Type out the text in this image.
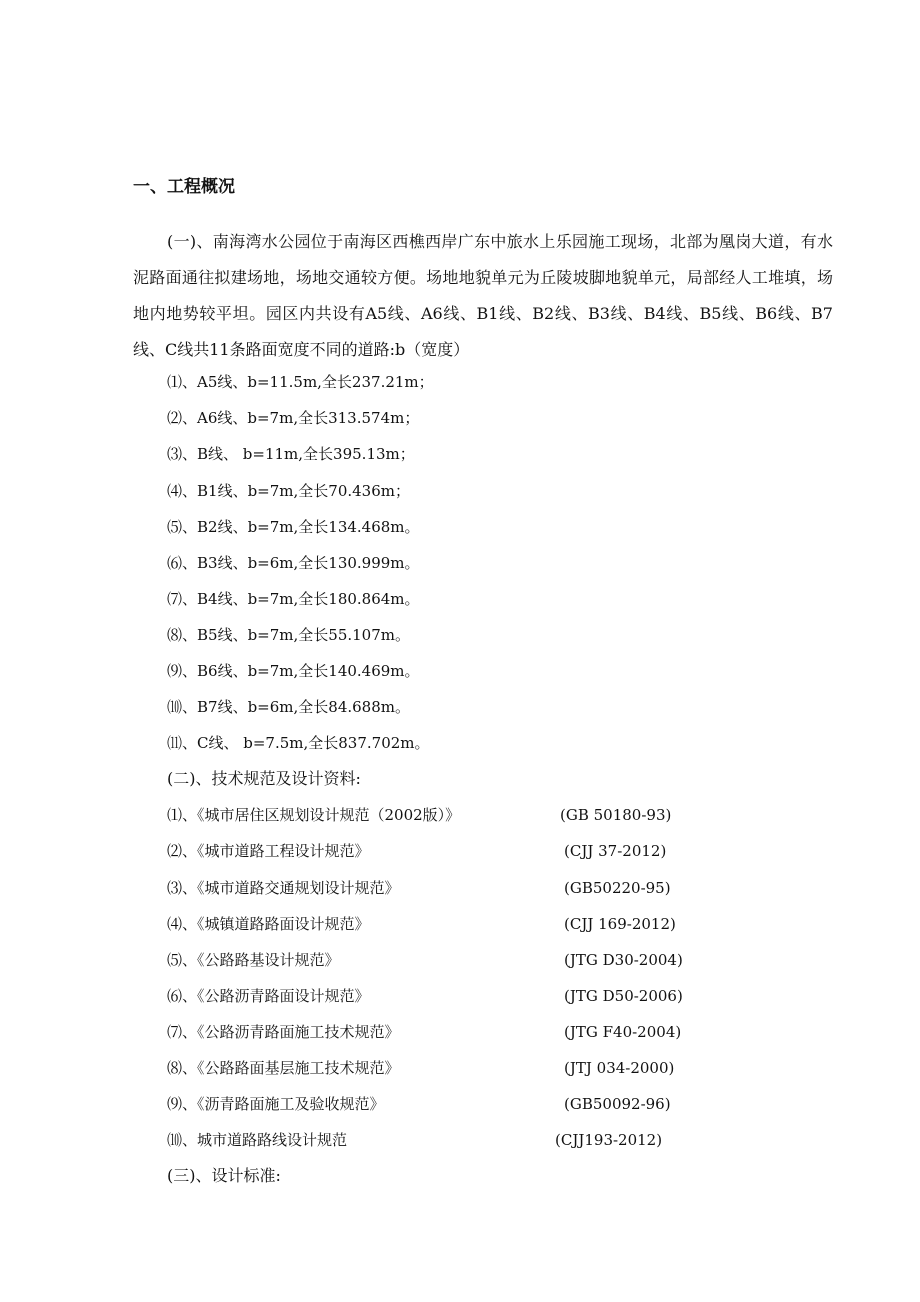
一、工程概况
(一)、南海湾水公园位于南海区西樵西岸广东中旅水上乐园施工现场，北部为凰岗大道，有水泥路面通往拟建场地，场地交通较方便。场地地貌单元为丘陵坡脚地貌单元，局部经人工堆填，场地内地势较平坦。园区内共设有A5线、A6线、B1线、B2线、B3线、B4线、B5线、B6线、B7线、C线共11条路面宽度不同的道路:b（宽度）
⑴、A5线、b=11.5m,全长237.21m；
⑵、A6线、b=7m,全长313.574m；
⑶、B线、 b=11m,全长395.13m；
⑷、B1线、b=7m,全长70.436m；
⑸、B2线、b=7m,全长134.468m。
⑹、B3线、b=6m,全长130.999m。
⑺、B4线、b=7m,全长180.864m。
⑻、B5线、b=7m,全长55.107m。
⑼、B6线、b=7m,全长140.469m。
⑽、B7线、b=6m,全长84.688m。
⑾、C线、 b=7.5m,全长837.702m。
(二)、技术规范及设计资料:
⑴、《城市居住区规划设计规范（2002版）》	(GB 50180-93)
⑵、《城市道路工程设计规范》	(CJJ 37-2012)
⑶、《城市道路交通规划设计规范》	(GB50220-95)
⑷、《城镇道路路面设计规范》	(CJJ 169-2012)
⑸、《公路路基设计规范》	(JTG D30-2004)
⑹、《公路沥青路面设计规范》	(JTG D50-2006)
⑺、《公路沥青路面施工技术规范》	(JTG F40-2004)
⑻、《公路路面基层施工技术规范》	(JTJ 034-2000)
⑼、《沥青路面施工及验收规范》	(GB50092-96)
⑽、城市道路路线设计规范	(CJJ193-2012)
(三)、设计标准:
